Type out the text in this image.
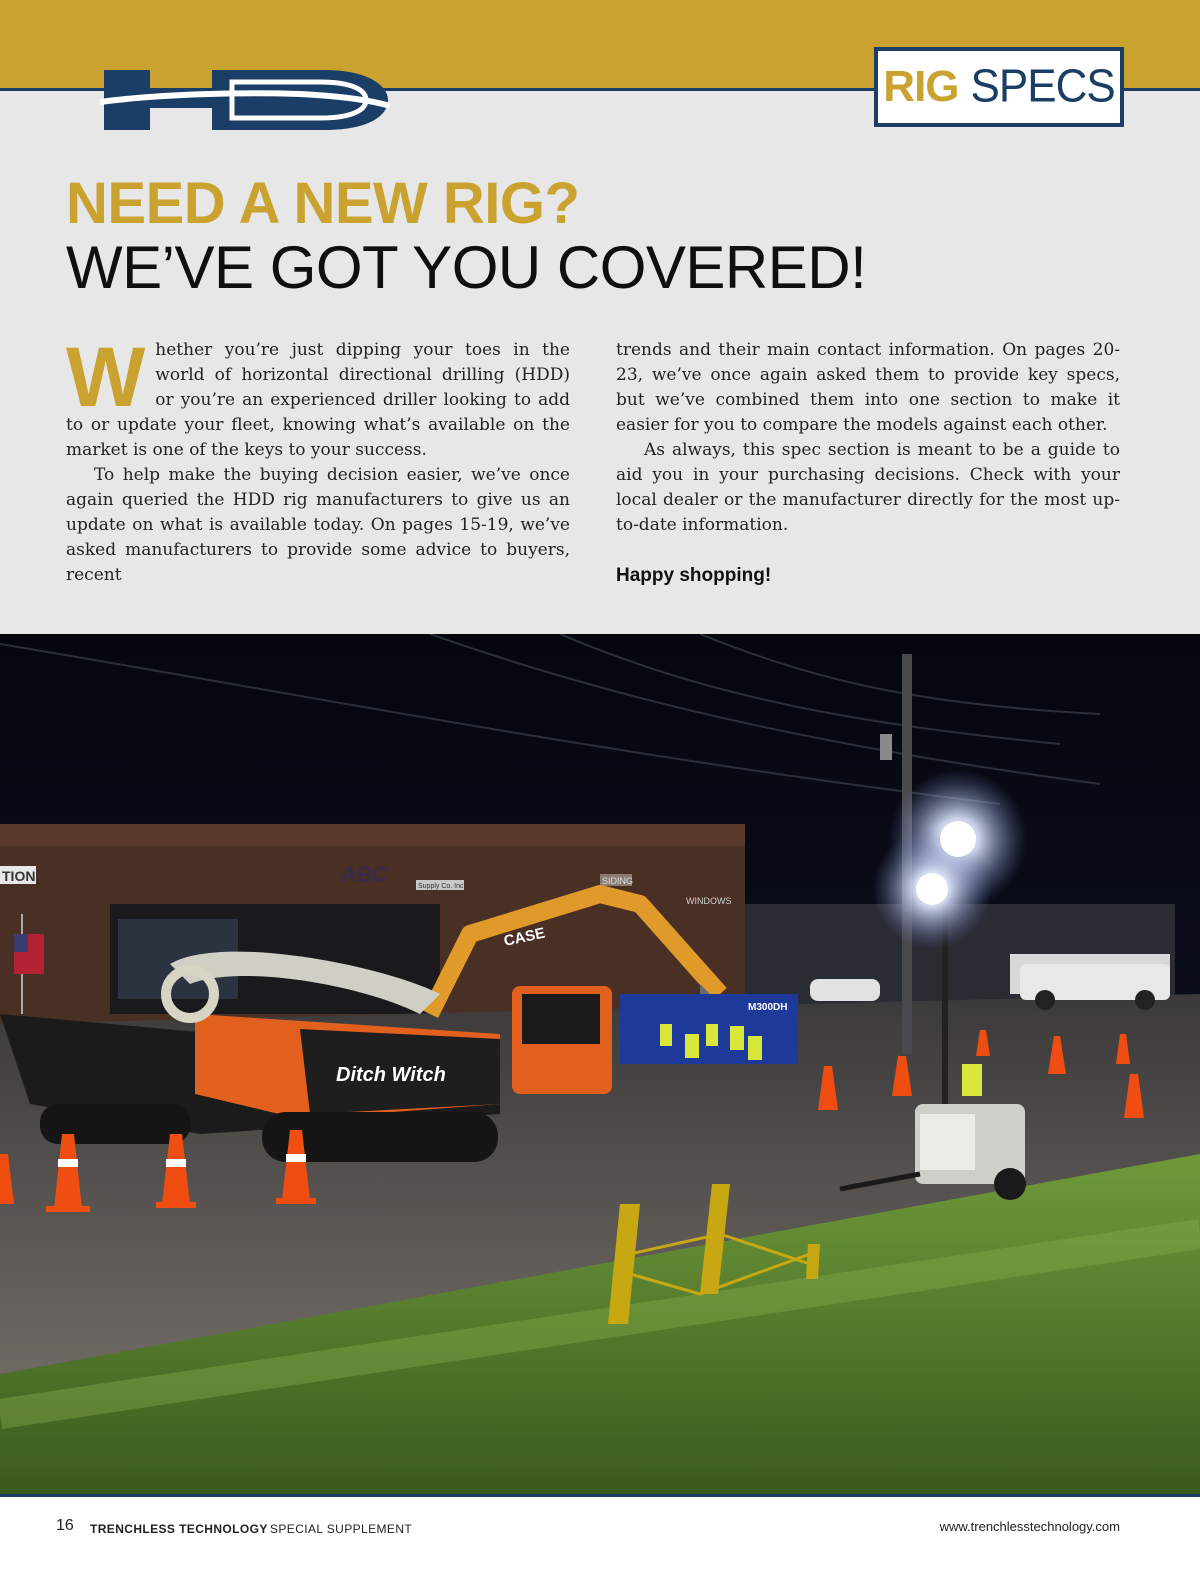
RIG SPECS
NEED A NEW RIG?
WE’VE GOT YOU COVERED!

Whether you’re just dipping your toes in the world of horizontal directional drilling (HDD) or you’re an experienced driller looking to add to or update your fleet, knowing what’s available on the market is one of the keys to your success.

To help make the buying decision easier, we’ve once again queried the HDD rig manufacturers to give us an update on what is available today. On pages 15-19, we’ve asked manufacturers to provide some advice to buyers, recent

trends and their main contact information. On pages 20-23, we’ve once again asked them to provide key specs, but we’ve combined them into one section to make it easier for you to compare the models against each other.

As always, this spec section is meant to be a guide to aid you in your purchasing decisions. Check with your local dealer or the manufacturer directly for the most up-to-date information.

Happy shopping!

TION	ABC	Supply Co. Inc.
SIDING
WINDOWS
CASE
M300DH
Ditch Witch
16 TRENCHLESS TECHNOLOGY SPECIAL SUPPLEMENT	www.trenchlesstechnology.com
